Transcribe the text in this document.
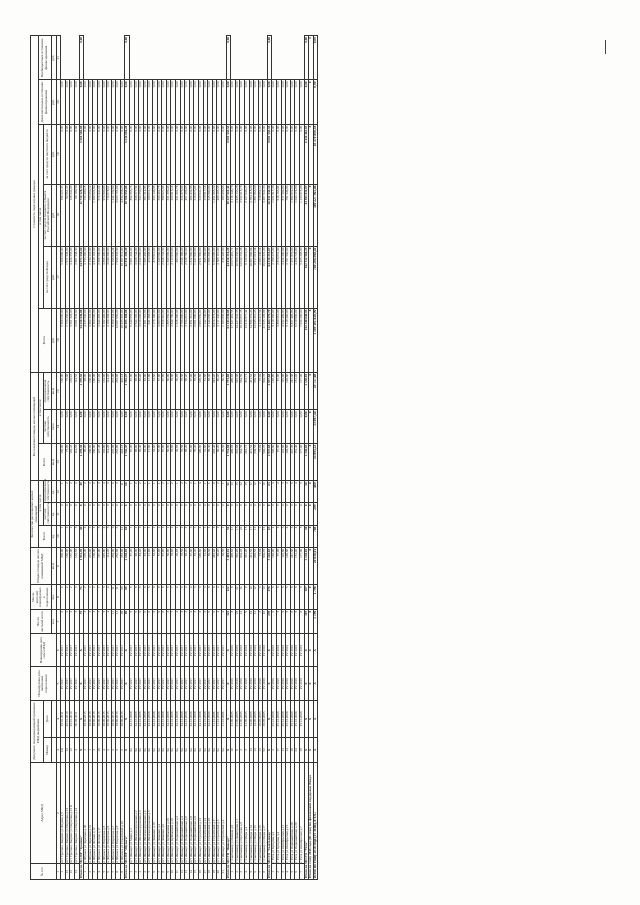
№ п/п	Адрес МКД	Документ, подтверждающий признание МКД аварийным		Планируемая дата окончания переселения	Планируемая дата сноса МКД	Число жителей всего	Число жителей планируемых к переселению	Общая площадь жилых помещений МКД	Количество расселяемых жилых помещений			Расселяемая площадь жилых помещений			Стоимость переселения граждан					
									Всего	в том числе		Всего	в том числе		Всего	в том числе			Дополнительные источники финансирования	Внебюджетные источники финансирования
		Номер	Дата							частная собственность	муниципальная собственность		частная собственность	муниципальная собственность		за счет средств Фонда	за счет средств бюджета субъекта Российской Федерации	за счет средств местного бюджета		
						чел.	чел.	кв.м	ед.	ед.	ед.	кв.м	кв.м	кв.м	руб.	руб.	руб.	руб.	руб.	руб.
1	2	3	4	5	6	7	8	9	10	11	12	13	14	15	16	17	18	19	20	21
1	пгт Тросино, Зверево ул Лидина д.5	121	25.01.2011	IV 2017	IV 2017	2	2	200,00	1	0	1	150,00	0,00	150,00	5 508 000,00	5 308 000,00	198 227,33	0,00	0,00	
12	пгт Тросино, Зверево ул Пирогова д.12	12	20.01.2010	IV 2017	IV 2017	2	2	150,00	2	0	2	75,00	0,00	75,00	1 733 250,00	1 971 545,00	94 961,37	0,00	0,00	
13	пгт Тросино, Зверево ул Пирогова д.12 Б	12	25.01.2010	IV 2017	IV 2017	2	2	137,00	2	0	2	103,41	0,00	103,41	3 561 226,00	3 424 355,00	138 541,00	0,00	0,00	
14	пгт Тросино, Зверево ул Пирогова д.14	4	06.05.2011	IV 2017	IV 2017	3	3	132,55	3	0	3	114,53	0,00	114,53	4 081 934,60	2 887 348,50	98 199,50	0,00	0,00	
Итого по МО МР "Тросино"		X	X	X	X	73	73	1 951,59	49	0	49	1 378,56	0,00	1 378,56	54 258 940,00	34 573 558,84	11 719 328,34	5 568 568,88	0,00	0,00
1	п Шуньга ул Заречная д.30	1	18.06.2015	IV 2017	IV 2017	2	2	105,00	2	0	2	98,00	0,00	98,00	4 235 530,00	3 155 200,00	733 200,15	0,00	0,00	
2	п Шуньга ул Заречная д.31	1	18.06.2015	IV 2017	IV 2017	3	3	201,40	3	0	3	108,90	0,00	108,90	3 894 322,00	2 154 333,00	755 063,12	0,00	0,00	
3	п Шуньга ул Лесная д.12	3	18.06.2015	IV 2017	IV 2017	2	2	150,00	2	0	2	150,00	0,00	150,00	6 500 000,00	4 810 102,00	1 280 521,84	0,00	0,00	
4	п Шуньга ул Лесная д.17	18	18.06.2015	IV 2017	IV 2017	7	7	197,80	3	0	3	127,46	0,00	127,46	3 644 493,00	2 688 500,00	670 441,02	0,00	0,00	
5	п Шуньга ул Пирогова д.5	4	18.06.2015	IV 2017	IV 2017	5	5	225,90	4	0	4	133,90	0,00	133,90	5 102 400,00	3 866 400,00	974 900,00	0,00	0,00	
6	п Шуньга ул Пирогова д.6	2	18.06.2015	IV 2017	IV 2017	4	4	114,20	3	0	3	114,20	0,00	114,20	4 180 384,00	3 049 200,00	716 078,91	0,00	0,00	
7	п Шуньга ул Пирогова д.7	2	18.06.2015	IV 2017	IV 2017	11	11	294,00	6	0	6	201,09	0,00	201,09	6 599 334,00	6 196 836,24	1 244 132,04	0,00	0,00	
8	п Шуньга ул Пирогова д.8	2	18.06.2015	IV 2017	IV 2017	11	11	253,90	3	0	3	253,90	0,00	253,90	12 007 950,00	7 950 303,90	2 023 791,02	0,00	0,00	
9	п Шуньга ул Строителей д.10	3	18.06.2015	IV 2017	IV 2017	28	28	352,00	14	3	11	402,18	0,00	402,18	10 625 581,00	19 297 811,00	4 834 258,25	0,00	0,00	
Итого по МО МР "Шуньга"		X	X	X	X	99	99	2 150,95	66	6	60	1 745,47	0,00	1 745,47	56 695 180,00	42 831 399,29	18 786 955,86	5 234 894,26	0,00	0,00
1	пгт Жешарт ул Мира д.2	6а	24.12.2008	IV 2017	IV 2017	6	6	87,00	1	0	1	87,00	0,00	87,00	5 340 955,00	3 901 494,00	864 563,76	0,00	0,00	
2	пгт Жешарт ул Железнодорожная д.2	6а	24.12.2008	IV 2017	IV 2017	6	6	98,00	2	0	2	98,00	0,00	98,00	3 544 102,00	3 028 744,00	338 377,54	0,00	0,00	
3	пгт Жешарт ул Железнодорожная д.3	6а	24.12.2008	IV 2017	IV 2017	6	6	83,40	2	0	2	83,40	0,00	83,40	3 016 000,00	2 232 000,00	543 359,00	0,00	0,00	
4	пгт Жешарт ул Железнодорожная д.4	6а	24.12.2008	IV 2017	IV 2017	6	6	63,00	1	0	1	63,00	0,00	63,00	2 281 710,00	1 685 460,00	367 214,93	0,00	0,00	
5	пгт Жешарт ул Железнодорожная д.5	6а	24.12.2008	IV 2017	IV 2017	6	6	17,80	1	0	1	17,80	0,00	17,80	641 368,00	474 898,00	180 011,70	0,00	0,00	
6	пгт Жешарт ул Зимовки д.10	6а	24.12.2008	IV 2017	IV 2017	6	6	32,60	1	0	1	32,60	0,00	32,60	1 176 100,00	870 910,00	253 146,96	0,00	0,00	
7	пгт Жешарт ул Зимовки д.4	6а	24.12.2008	IV 2017	IV 2017	9	9	57,90	1	0	1	57,90	0,00	57,90	2 093 910,00	1 549 080,00	360 491,75	0,00	0,00	
8	пгт Жешарт ул Зимовки д.6	6а	24.12.2008	IV 2017	IV 2017	8	8	97,90	2	0	2	97,90	0,00	97,90	3 559 210,00	2 628 733,50	599 021,66	0,00	0,00	
9	пгт Жешарт ул Куйбышева д.16	6а	24.12.2008	IV 2017	IV 2017	3	3	50,90	1	0	1	50,90	0,00	50,90	1 895 950,00	1 368 690,00	321 296,43	0,00	0,00	
10	пгт Жешарт ул Куйбышева д.18	6а	24.12.2008	IV 2017	IV 2017	7	7	78,80	2	0	2	78,80	0,00	78,80	2 849 790,00	2 113 970,00	223 615,14	0,00	0,00	
11	пгт Жешарт ул Первомайская д.2	6а	24.12.2008	IV 2017	IV 2017	4	4	36,95	1	0	1	36,95	0,00	36,95	1 336 290,00	983 660,00	221 001,78	0,00	0,00	
12	пгт Жешарт ул Первомайская д.4	6а	24.12.2008	IV 2017	IV 2017	3	3	76,50	2	0	2	76,50	0,00	76,50	2 766 890,00	2 046 190,00	374 376,06	0,00	0,00	
13	пгт Жешарт ул Первомайская д.6	6а	24.12.2008	IV 2017	IV 2017	3	3	98,20	2	0	2	98,20	0,00	98,20	3 554 010,00	2 629 760,00	457 396,03	0,00	0,00	
14	пгт Жешарт ул Первомайская д.8	6а	24.12.2008	IV 2017	IV 2017	4	4	67,80	3	0	3	67,80	0,00	67,80	2 451 210,00	1 812 980,00	286 432,98	0,00	0,00	
15	пгт Жешарт ул Первомайская д.9	6а	24.12.2008	IV 2017	IV 2017	3	3	55,30	1	0	1	55,30	0,00	55,30	2 001 090,00	1 447 820,00	315 073,02	0,00	0,00	
16	пгт Жешарт ул Строителей д.12	6а	24.12.2008	IV 2017	IV 2017	3	3	109,60	4	0	4	109,60	0,00	109,60	3 963 950,00	2 931 560,00	630 041,37	0,00	0,00	
17	пгт Жешарт ул Строителей д.14	6а	24.12.2008	IV 2017	IV 2017	3	3	31,60	1	0	1	31,60	0,00	31,60	1 142 740,00	845 260,00	270 917,16	0,00	0,00	
18	пгт Жешарт ул Строителей д.16	6а	24.12.2008	IV 2017	IV 2017	6	6	59,30	1	0	1	59,30	0,00	59,30	2 144 650,00	1 586 250,00	345 680,00	0,00	0,00	
19	пгт Жешарт ул Строителей д.2	6а	11.12.2006	IV 2017	IV 2017	6	6	245,40	6	0	6	245,40	0,00	245,40	8 874 575,00	6 564 090,00	1 451 065,32	0,00	0,00	
20	пгт Жешарт ул Строителей д.3	6а	11.12.2006	IV 2017	IV 2017	4	4	86,20	2	0	2	86,20	0,00	86,20	3 117 430,00	2 306 110,00	486 303,33	0,00	0,00	
21	пгт Жешарт ул Строителей д.4	6а	11.12.2006	IV 2017	IV 2017	4	4	30,50	1	0	1	30,50	0,00	30,50	1 103 830,00	816 420,00	183 456,66	0,00	0,00	
Итого по МО ГП "Жешарт"		X	X	X	X	122	122	3 403,16	51	0	51	1 751,60	0,00	1 751,60	63 343 830,00	44 816 314,29	18 527 516,41	9 601 538,55	0,00	0,00
1	г Сыктывкар ул Банная д.6	10	21.06.2005	IV 2016	IV 2016	8	8	499,83	13	0	13	489,93	0,00	489,93	17 637 481,55	13 073 491,71	3 116 148,78	0,00	0,00	
2	г Сыктывкар ул Димитрова д.1	8	21.06.2005	IV 2016	IV 2016	22	22	392,20	15	0	15	322,08	0,00	322,08	14 427 041,35	10 660 330,54	2 435 133,26	0,00	0,00	
3	г Сыктывкар ул Кутузова д.8	2	21.06.2005	IV 2016	IV 2016	14	14	604,45	22	0	22	564,59	0,00	564,59	19 350 857,35	14 040 332,08	2 932 015,78	0,00	0,00	
4	г Сыктывкар ул Мира д.4	3	21.06.2005	IV 2016	IV 2016	9	9	391,20	15	0	15	301,71	0,00	301,71	12 616 977,44	9 120 619,61	2 107 046,27	0,00	0,00	
5	г Сыктывкар ул Мира д.14	13	14.06.2005	IV 2016	IV 2016	10	10	411,52	17	0	17	411,52	0,00	411,52	14 599 370,20	10 807 880,84	2 394 118,20	0,00	0,00	
6	г Сыктывкар ул Мира д.15	12	14.06.2005	IV 2016	IV 2016	12	12	339,55	12	0	12	339,55	0,00	339,55	12 045 310,23	8 917 019,34	1 887 863,69	0,00	0,00	
7	г Сыктывкар ул Мира д.16	13	19.05.2005	IV 2016	IV 2016	3	3	75,04	2	0	2	75,04	0,00	75,04	3 219 411,54	2 383 249,14	518 862,12	0,00	0,00	
8	г Сыктывкар ул Мира д.17	52	19.05.2005	IV 2016	IV 2016	10	10	504,70	16	0	16	504,70	0,00	504,70	21 635 129,89	16 022 321,20	3 497 641,33	0,00	0,00	
Итого по МО ГО "Сыктывкар"		X	X	X	X	278	278	3 145,93	63	0	63	2 937,68	0,00	2 937,68	122 484 579,79	84 538 215,87	28 651 536,14	9 601 538,55	0,00	0,00
1	г Ухта ул Бушуева д.3	2	25.12.2008	IV 2016	IV 2016	6	6	128,90	4	0	4	128,90	0,00	128,90	5 119 250,00	3 788 275,00	1 021 917,39	0,00	0,00	
2	г Ухта ул Бушуева д.4	17	25.12.2008	IV 2016	IV 2016	5	5	97,90	2	0	2	97,90	0,00	97,90	3 890 610,00	2 878 051,00	618 163,84	0,00	0,00	
3	г Ухта ул Октябрьская д.11	13	25.12.2008	IV 2016	IV 2016	6	6	116,80	3	0	3	116,80	0,00	116,80	4 642 400,00	3 434 200,00	817 200,00	0,00	0,00	
4	г Ухта ул Октябрьская д.15	14	25.12.2008	IV 2016	IV 2016	5	5	128,80	4	0	4	128,80	0,00	128,80	5 119 200,00	3 787 560,00	791 346,00	0,00	0,00	
5	г Ухта ул Первомайская д.28	18	25.12.2008	IV 2016	IV 2016	8	8	247,30	6	0	6	247,30	0,00	247,30	9 827 400,00	7 271 876,00	1 592 874,00	0,00	0,00	
6	г Ухта ул Первомайская д.29	24	25.12.2008	IV 2016	IV 2016	6	6	151,46	4	0	4	151,46	0,00	151,46	6 019 900,00	4 454 726,00	1 043 174,00	0,00	0,00	
7	г Ухта ул Октябрьская д.7	19	25.12.2008	IV 2016	IV 2016	8	8	177,00	5	0	5	177,00	0,00	177,00	7 034 200,00	5 205 308,00	1 123 972,88	0,00	0,00	
Итого по МО ГО "Ухта"		X	X	X	X	187	187	2 130,65	50	0	50	2 130,65	0,00	2 130,65	152 340 640,95	102 312 566,25	43 591 611,87	6 436 462,83	0,00	0,00
Итого по этапу 2016 года (III этап) без финансовой поддержки Фонда		X	X	X	X	0	0	0	0	0	0	0	0	0	0	0	0	0	0	0
Всего по этапу 2016 года (IV этап), в т.ч.:		X	X	X	X	1 796	1 796	20 838,01	768	299	469	33 895,23	13 097,54	19 717,68	1 199 101 828,90	740 204 568,41	380 227 561,44	18 570 890,38	0,00	0,00
